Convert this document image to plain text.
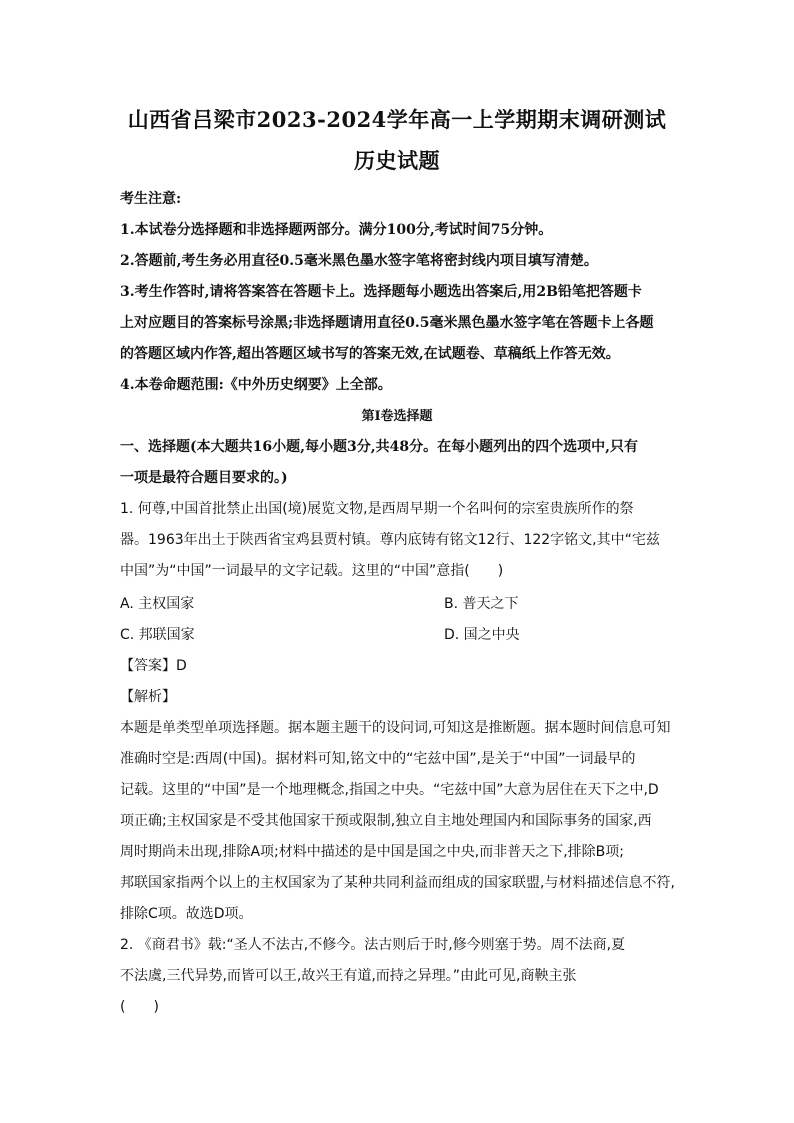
山西省吕梁市2023-2024学年高一上学期期末调研测试
历史试题
考生注意:
1.本试卷分选择题和非选择题两部分。满分100分,考试时间75分钟。
2.答题前,考生务必用直径0.5毫米黑色墨水签字笔将密封线内项目填写清楚。
3.考生作答时,请将答案答在答题卡上。选择题每小题选出答案后,用2B铅笔把答题卡
上对应题目的答案标号涂黑;非选择题请用直径0.5毫米黑色墨水签字笔在答题卡上各题
的答题区域内作答,超出答题区域书写的答案无效,在试题卷、草稿纸上作答无效。
4.本卷命题范围:《中外历史纲要》上全部。
第Ⅰ卷选择题
一、选择题(本大题共16小题,每小题3分,共48分。在每小题列出的四个选项中,只有
一项是最符合题目要求的。)
1. 何尊,中国首批禁止出国(境)展览文物,是西周早期一个名叫何的宗室贵族所作的祭
器。1963年出土于陕西省宝鸡县贾村镇。尊内底铸有铭文12行、122字铭文,其中“宅兹
中国”为“中国”一词最早的文字记载。这里的“中国”意指(　　)
A. 主权国家	B. 普天之下
C. 邦联国家	D. 国之中央
【答案】D
【解析】
本题是单类型单项选择题。据本题主题干的设问词,可知这是推断题。据本题时间信息可知
准确时空是:西周(中国)。据材料可知,铭文中的“宅兹中国”,是关于“中国”一词最早的
记载。这里的“中国”是一个地理概念,指国之中央。“宅兹中国”大意为居住在天下之中,D
项正确;主权国家是不受其他国家干预或限制,独立自主地处理国内和国际事务的国家,西
周时期尚未出现,排除A项;材料中描述的是中国是国之中央,而非普天之下,排除B项;
邦联国家指两个以上的主权国家为了某种共同利益而组成的国家联盟,与材料描述信息不符,
排除C项。故选D项。
2. 《商君书》载:“圣人不法古,不修今。法古则后于时,修今则塞于势。周不法商,夏
不法虞,三代异势,而皆可以王,故兴王有道,而持之异理。”由此可见,商鞅主张
(　　)
